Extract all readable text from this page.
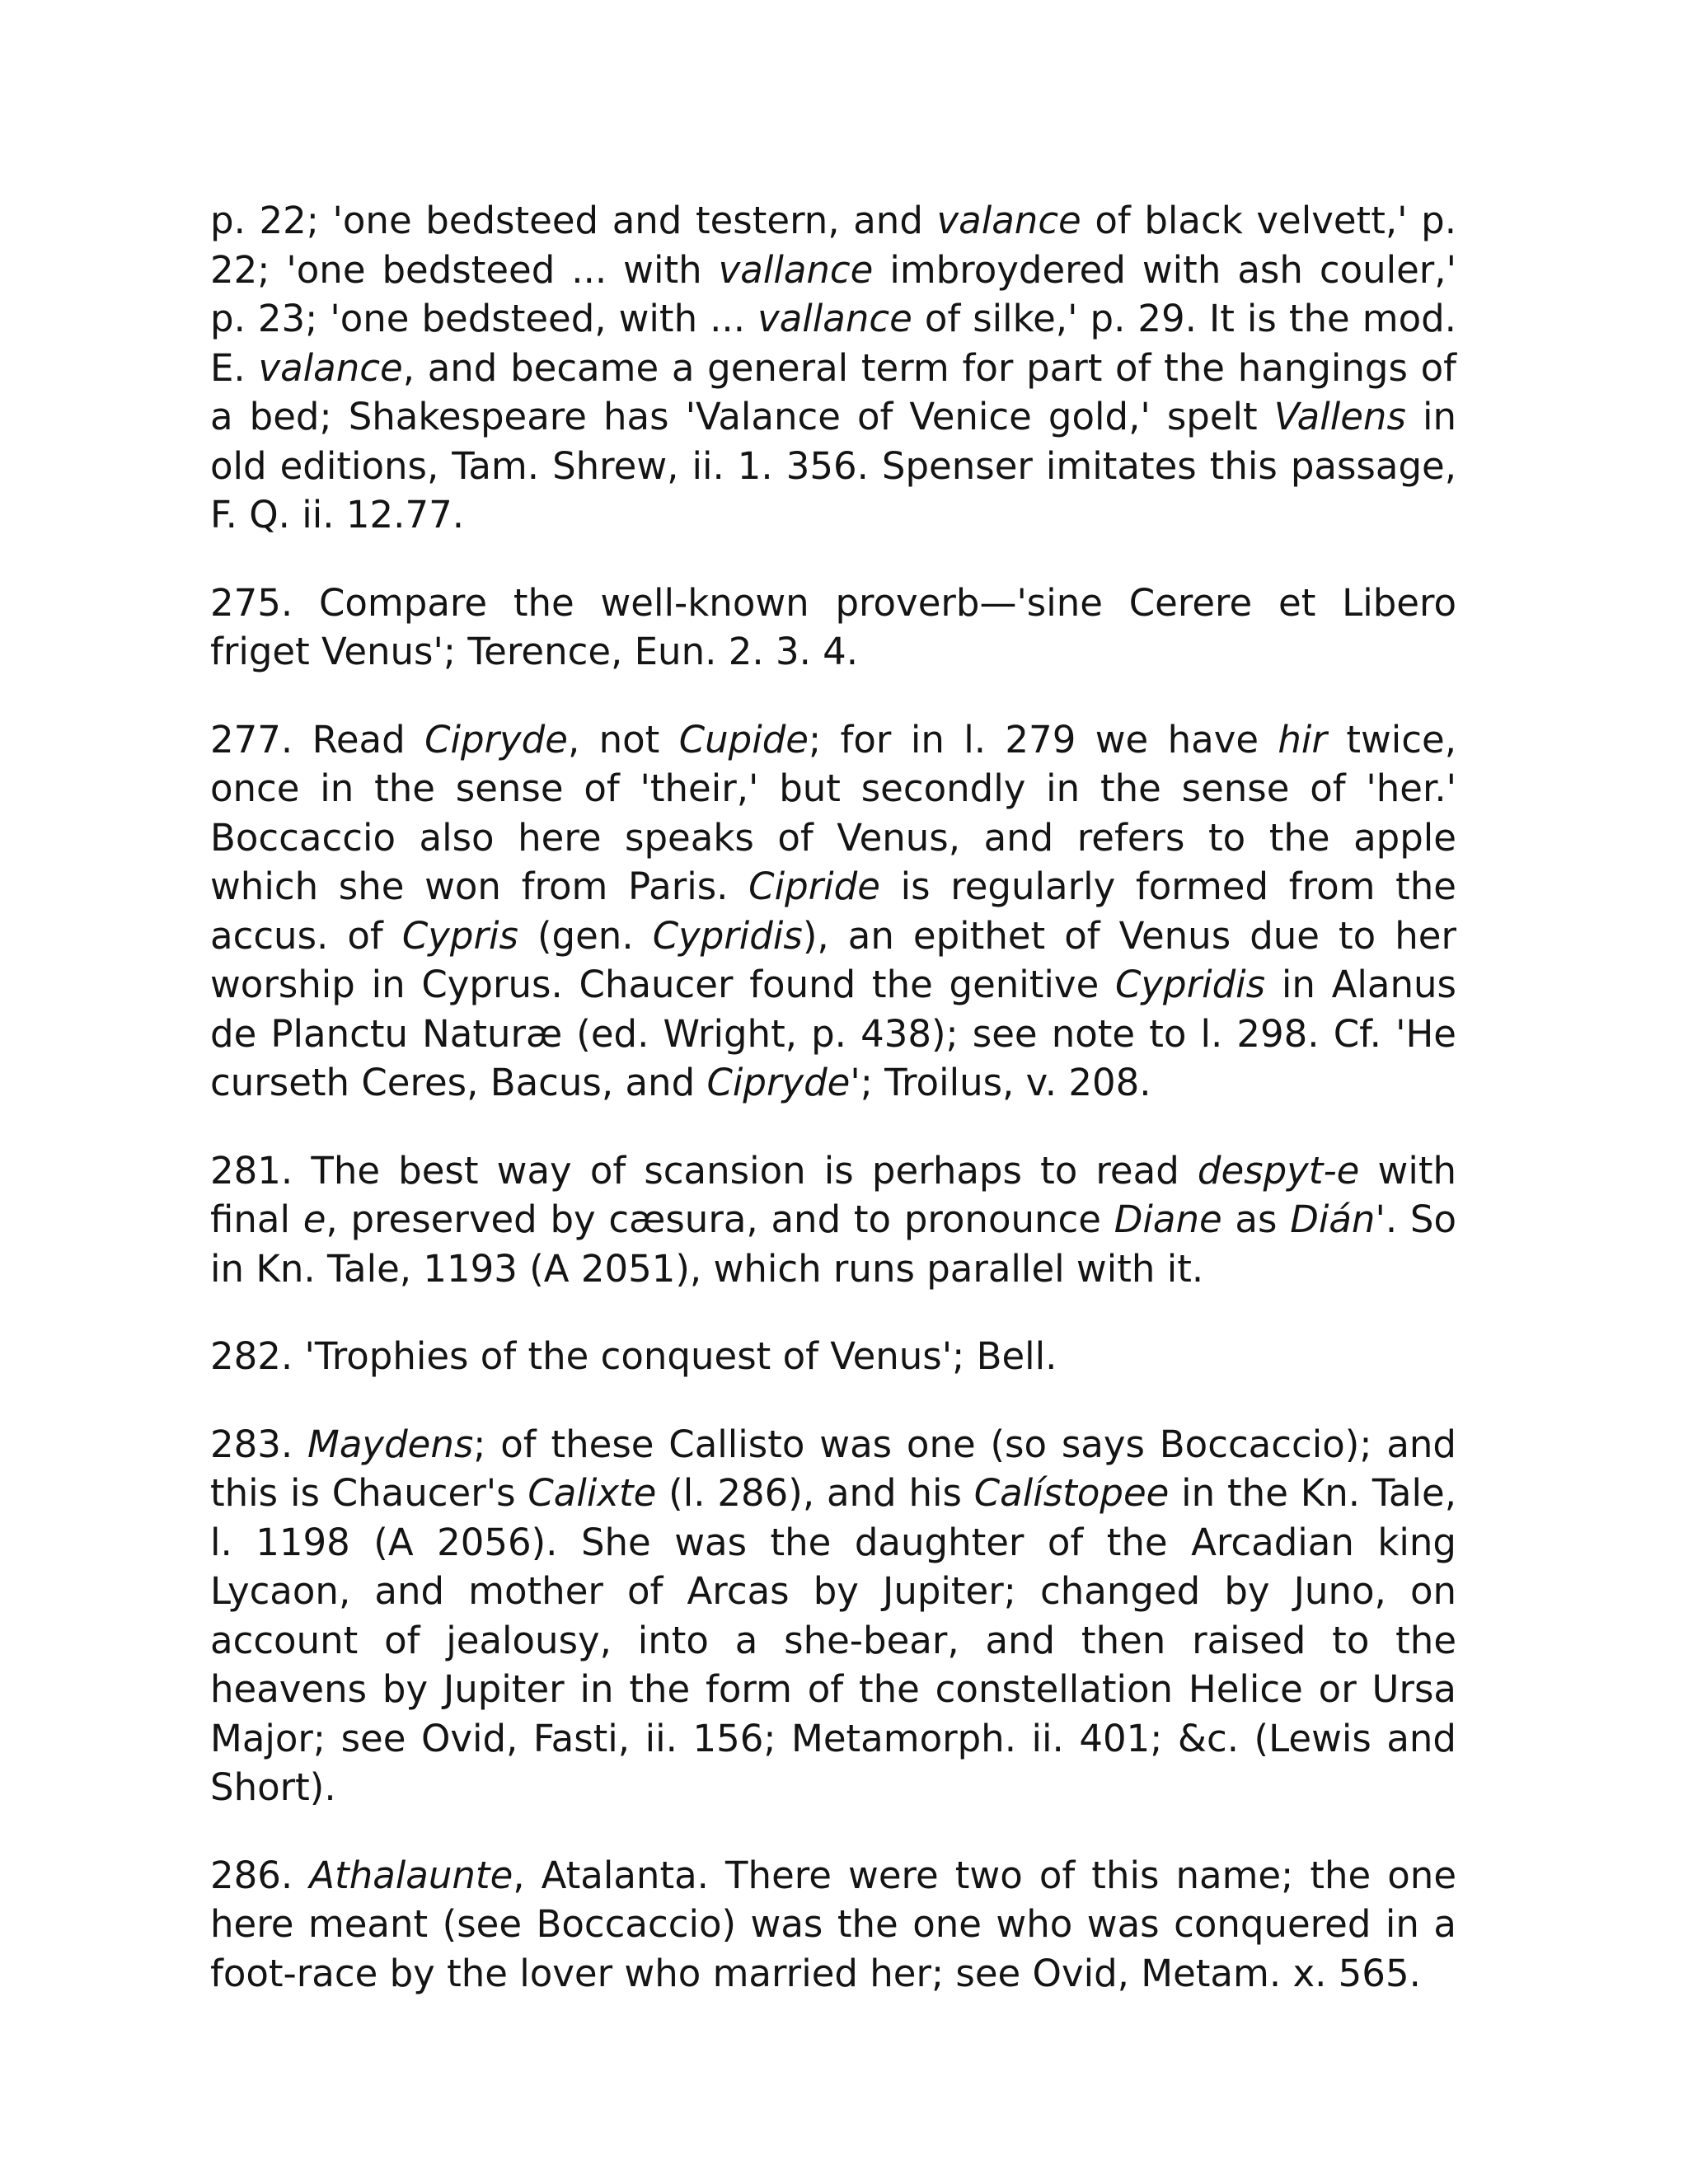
p. 22; 'one bedsteed and testern, and valance of black velvett,' p. 22; 'one bedsteed ... with vallance imbroydered with ash couler,' p. 23; 'one bedsteed, with ... vallance of silke,' p. 29. It is the mod. E. valance, and became a general term for part of the hangings of a bed; Shakespeare has 'Valance of Venice gold,' spelt Vallens in old editions, Tam. Shrew, ii. 1. 356. Spenser imitates this passage, F. Q. ii. 12.77.

275. Compare the well-known proverb—'sine Cerere et Libero friget Venus'; Terence, Eun. 2. 3. 4.

277. Read Cipryde, not Cupide; for in l. 279 we have hir twice, once in the sense of 'their,' but secondly in the sense of 'her.' Boccaccio also here speaks of Venus, and refers to the apple which she won from Paris. Cipride is regularly formed from the accus. of Cypris (gen. Cypridis), an epithet of Venus due to her worship in Cyprus. Chaucer found the genitive Cypridis in Alanus de Planctu Naturæ (ed. Wright, p. 438); see note to l. 298. Cf. 'He curseth Ceres, Bacus, and Cipryde'; Troilus, v. 208.

281. The best way of scansion is perhaps to read despyt-e with final e, preserved by cæsura, and to pronounce Diane as Dián'. So in Kn. Tale, 1193 (A 2051), which runs parallel with it.

282. 'Trophies of the conquest of Venus'; Bell.

283. Maydens; of these Callisto was one (so says Boccaccio); and this is Chaucer's Calixte (l. 286), and his Calístopee in the Kn. Tale, l. 1198 (A 2056). She was the daughter of the Arcadian king Lycaon, and mother of Arcas by Jupiter; changed by Juno, on account of jealousy, into a she-bear, and then raised to the heavens by Jupiter in the form of the constellation Helice or Ursa Major; see Ovid, Fasti, ii. 156; Metamorph. ii. 401; &c. (Lewis and Short).

286. Athalaunte, Atalanta. There were two of this name; the one here meant (see Boccaccio) was the one who was conquered in a foot-race by the lover who married her; see Ovid, Metam. x. 565.
